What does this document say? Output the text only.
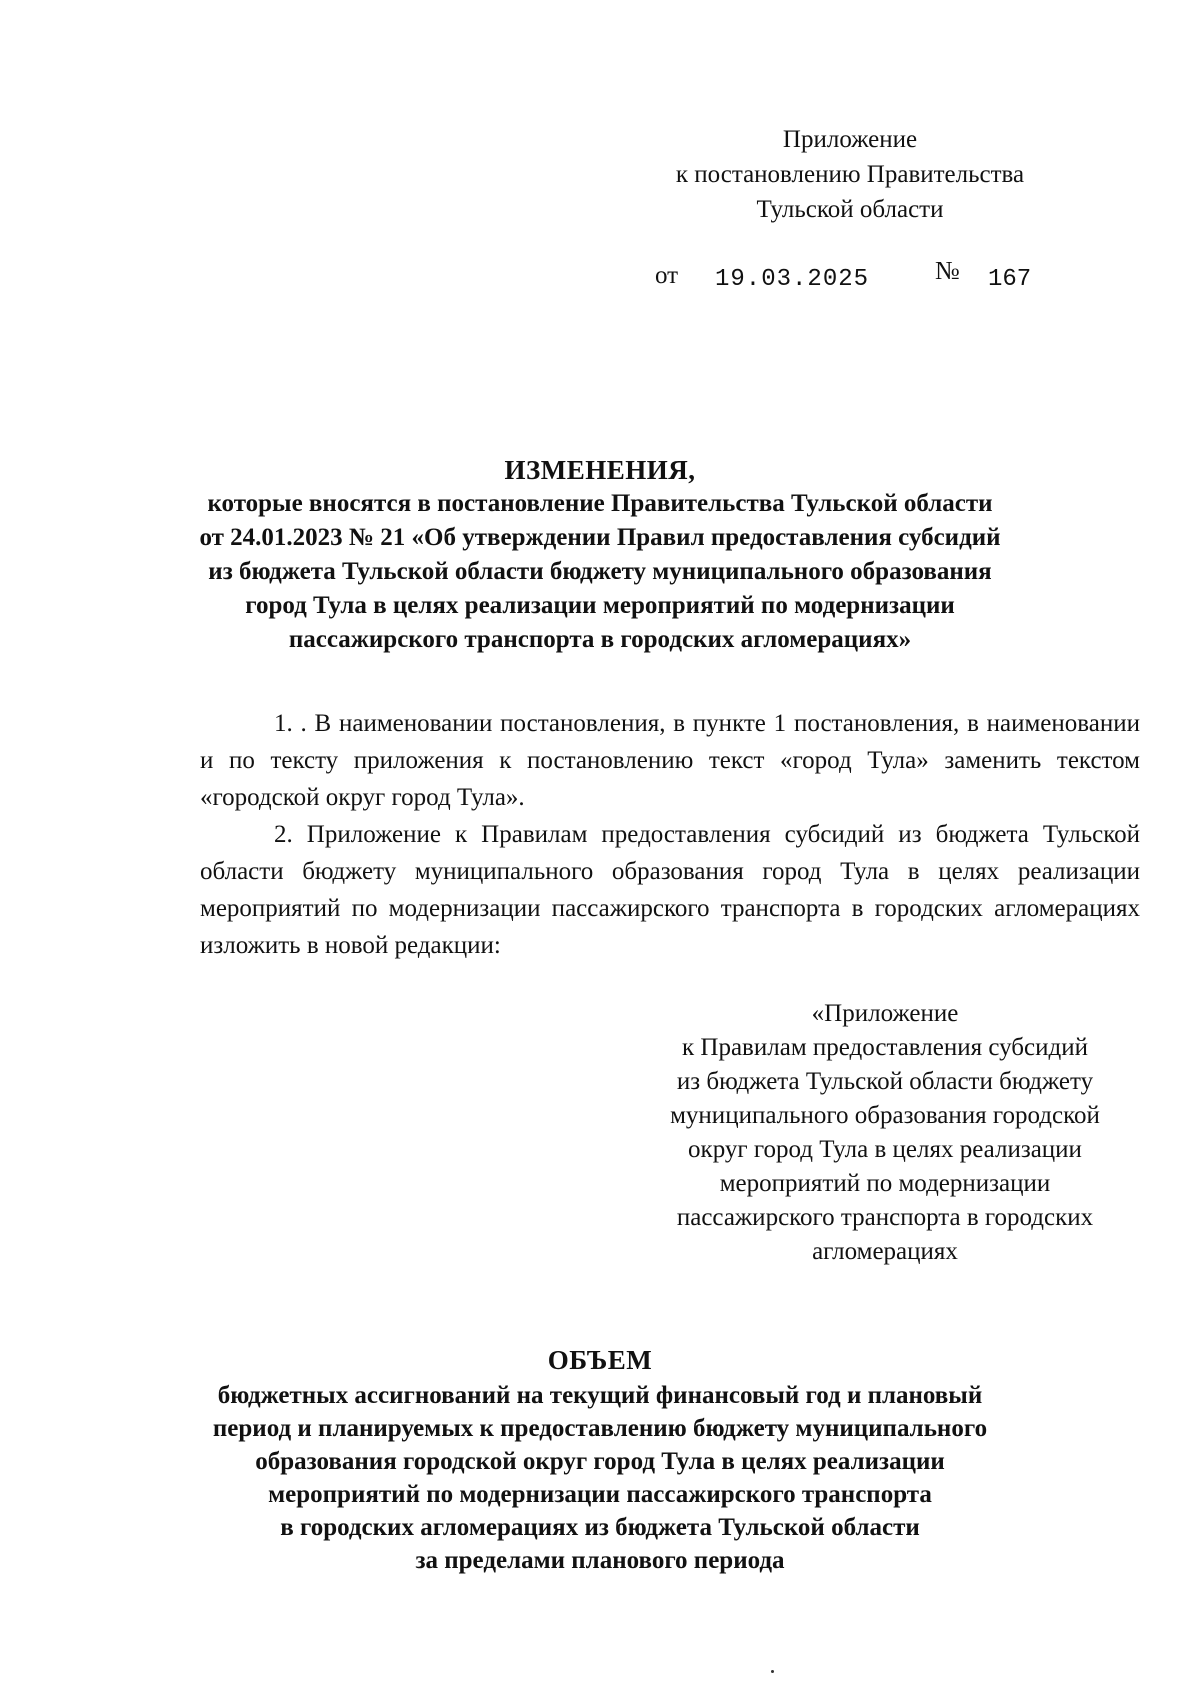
Приложение
к постановлению Правительства
Тульской области
от 19.03.2025	№ 167
ИЗМЕНЕНИЯ,
которые вносятся в постановление Правительства Тульской области
от 24.01.2023 № 21 «Об утверждении Правил предоставления субсидий
из бюджета Тульской области бюджету муниципального образования
город Тула в целях реализации мероприятий по модернизации
пассажирского транспорта в городских агломерациях»

1. . В наименовании постановления, в пункте 1 постановления, в наименовании и по тексту приложения к постановлению текст «город Тула» заменить текстом «городской округ город Тула».

2. Приложение к Правилам предоставления субсидий из бюджета Тульской области бюджету муниципального образования город Тула в целях реализации мероприятий по модернизации пассажирского транспорта в городских агломерациях изложить в новой редакции:

«Приложение
к Правилам предоставления субсидий
из бюджета Тульской области бюджету
муниципального образования городской
округ город Тула в целях реализации
мероприятий по модернизации
пассажирского транспорта в городских
агломерациях
ОБЪЕМ
бюджетных ассигнований на текущий финансовый год и плановый
период и планируемых к предоставлению бюджету муниципального
образования городской округ город Тула в целях реализации
мероприятий по модернизации пассажирского транспорта
в городских агломерациях из бюджета Тульской области
за пределами планового периода
